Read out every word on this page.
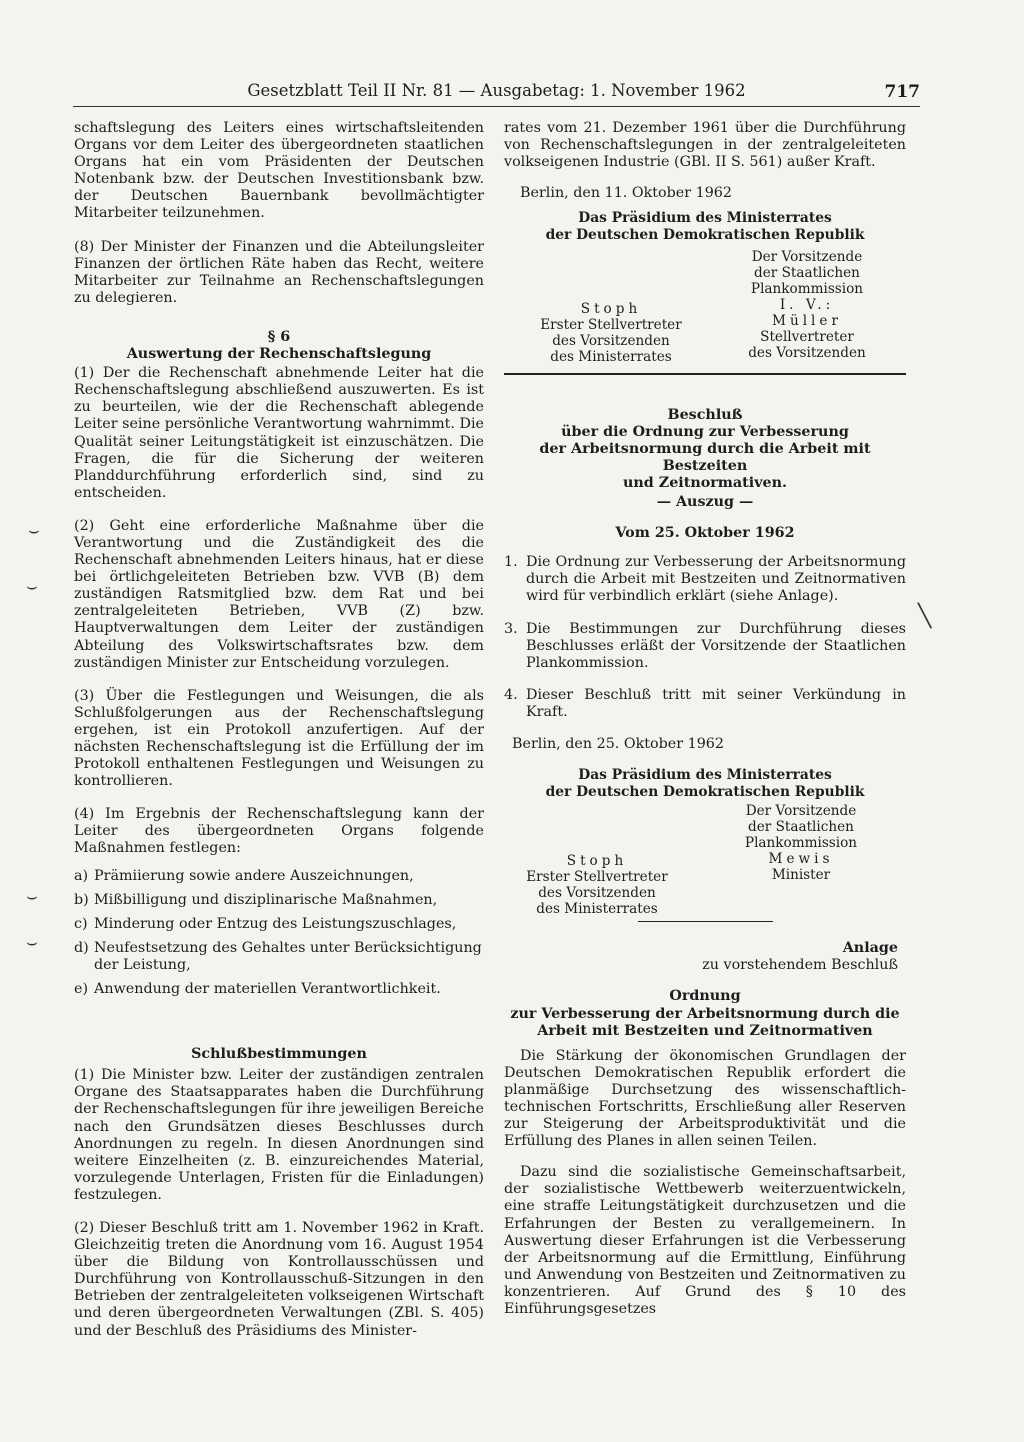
Gesetzblatt Teil II Nr. 81 — Ausgabetag: 1. November 1962	717

schaftslegung des Leiters eines wirtschaftsleitenden Organs vor dem Leiter des übergeordneten staatlichen Organs hat ein vom Präsidenten der Deutschen Notenbank bzw. der Deutschen Investitionsbank bzw. der Deutschen Bauernbank bevollmächtigter Mitarbeiter teilzunehmen.

(8) Der Minister der Finanzen und die Abteilungsleiter Finanzen der örtlichen Räte haben das Recht, weitere Mitarbeiter zur Teilnahme an Rechenschaftslegungen zu delegieren.

§ 6
Auswertung der Rechenschaftslegung

(1) Der die Rechenschaft abnehmende Leiter hat die Rechenschaftslegung abschließend auszuwerten. Es ist zu beurteilen, wie der die Rechenschaft ablegende Leiter seine persönliche Verantwortung wahrnimmt. Die Qualität seiner Leitungstätigkeit ist einzuschätzen. Die Fragen, die für die Sicherung der weiteren Planddurchführung erforderlich sind, sind zu entscheiden.

(2) Geht eine erforderliche Maßnahme über die Verantwortung und die Zuständigkeit des die Rechenschaft abnehmenden Leiters hinaus, hat er diese bei örtlichgeleiteten Betrieben bzw. VVB (B) dem zuständigen Ratsmitglied bzw. dem Rat und bei zentralgeleiteten Betrieben, VVB (Z) bzw. Hauptverwaltungen dem Leiter der zuständigen Abteilung des Volkswirtschaftsrates bzw. dem zuständigen Minister zur Entscheidung vorzulegen.

(3) Über die Festlegungen und Weisungen, die als Schlußfolgerungen aus der Rechenschaftslegung ergehen, ist ein Protokoll anzufertigen. Auf der nächsten Rechenschaftslegung ist die Erfüllung der im Protokoll enthaltenen Festlegungen und Weisungen zu kontrollieren.

(4) Im Ergebnis der Rechenschaftslegung kann der Leiter des übergeordneten Organs folgende Maßnahmen festlegen:

a) Prämiierung sowie andere Auszeichnungen,
b) Mißbilligung und disziplinarische Maßnahmen,
c) Minderung oder Entzug des Leistungszuschlages,
d) Neufestsetzung des Gehaltes unter Berücksichtigung der Leistung,
e) Anwendung der materiellen Verantwortlichkeit.
Schlußbestimmungen

(1) Die Minister bzw. Leiter der zuständigen zentralen Organe des Staatsapparates haben die Durchführung der Rechenschaftslegungen für ihre jeweiligen Bereiche nach den Grundsätzen dieses Beschlusses durch Anordnungen zu regeln. In diesen Anordnungen sind weitere Einzelheiten (z. B. einzureichendes Material, vorzulegende Unterlagen, Fristen für die Einladungen) festzulegen.

(2) Dieser Beschluß tritt am 1. November 1962 in Kraft. Gleichzeitig treten die Anordnung vom 16. August 1954 über die Bildung von Kontrollausschüssen und Durchführung von Kontrollausschuß-Sitzungen in den Betrieben der zentralgeleiteten volkseigenen Wirtschaft und deren übergeordneten Verwaltungen (ZBl. S. 405) und der Beschluß des Präsidiums des Minister-

rates vom 21. Dezember 1961 über die Durchführung von Rechenschaftslegungen in der zentralgeleiteten volkseigenen Industrie (GBl. II S. 561) außer Kraft.

Berlin, den 11. Oktober 1962
Das Präsidium des Ministerrates
der Deutschen Demokratischen Republik
Der Vorsitzende
der Staatlichen
Plankommission
I. V.: Müller
Stellvertreter
des Vorsitzenden
Stoph
Erster Stellvertreter
des Vorsitzenden
des Ministerrates
Beschluß
über die Ordnung zur Verbesserung
der Arbeitsnormung durch die Arbeit mit Bestzeiten
und Zeitnormativen.
— Auszug —
Vom 25. Oktober 1962
1. Die Ordnung zur Verbesserung der Arbeitsnormung durch die Arbeit mit Bestzeiten und Zeitnormativen wird für verbindlich erklärt (siehe Anlage).
3. Die Bestimmungen zur Durchführung dieses Beschlusses erläßt der Vorsitzende der Staatlichen Plankommission.
4. Dieser Beschluß tritt mit seiner Verkündung in Kraft.
Berlin, den 25. Oktober 1962
Das Präsidium des Ministerrates
der Deutschen Demokratischen Republik
Der Vorsitzende
der Staatlichen
Plankommission
Mewis
Minister
Stoph
Erster Stellvertreter
des Vorsitzenden
des Ministerrates
Anlage
zu vorstehendem Beschluß
Ordnung
zur Verbesserung der Arbeitsnormung durch die
Arbeit mit Bestzeiten und Zeitnormativen

Die Stärkung der ökonomischen Grundlagen der Deutschen Demokratischen Republik erfordert die planmäßige Durchsetzung des wissenschaftlich-technischen Fortschritts, Erschließung aller Reserven zur Steigerung der Arbeitsproduktivität und die Erfüllung des Planes in allen seinen Teilen.

Dazu sind die sozialistische Gemeinschaftsarbeit, der sozialistische Wettbewerb weiterzuentwickeln, eine straffe Leitungstätigkeit durchzusetzen und die Erfahrungen der Besten zu verallgemeinern. In Auswertung dieser Erfahrungen ist die Verbesserung der Arbeitsnormung auf die Ermittlung, Einführung und Anwendung von Bestzeiten und Zeitnormativen zu konzentrieren. Auf Grund des § 10 des Einführungsgesetzes

⌣
⌣
⌣
⌣
╲
